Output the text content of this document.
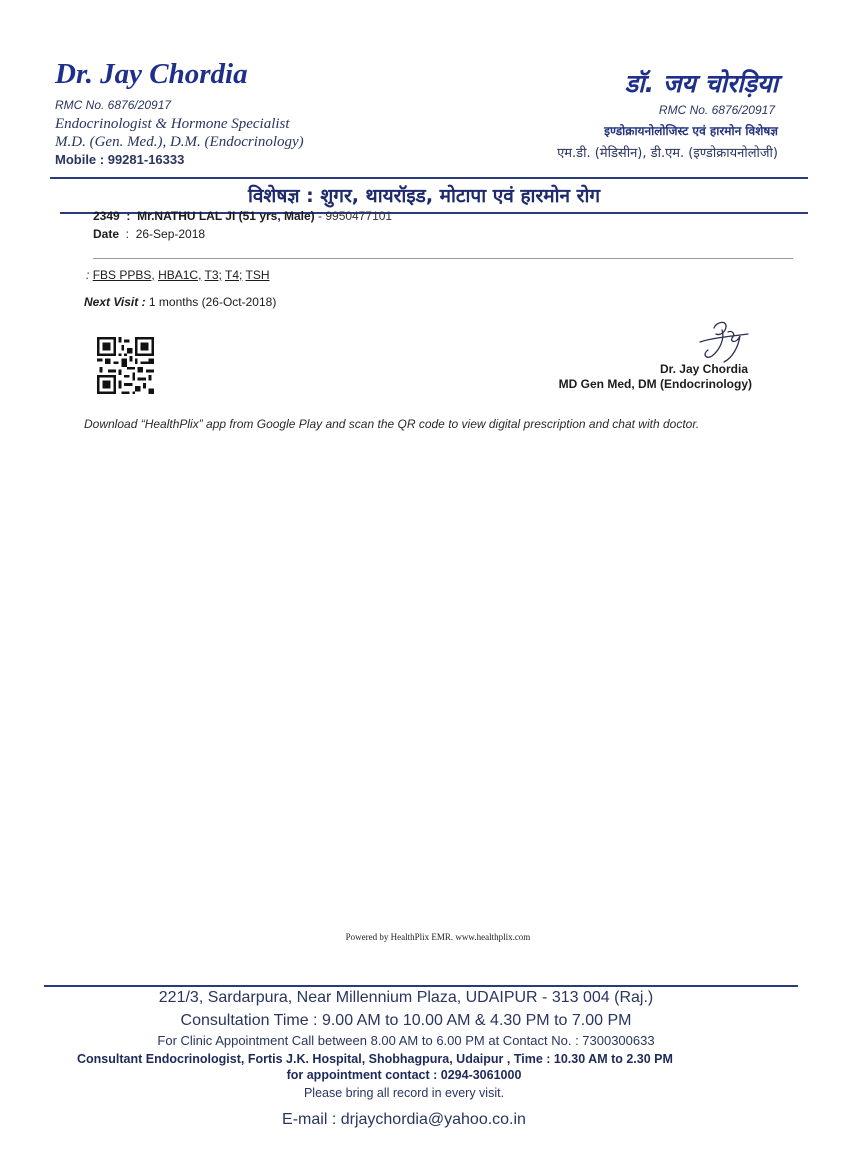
Dr. Jay Chordia
RMC No. 6876/20917
Endocrinologist & Hormone Specialist
M.D. (Gen. Med.), D.M. (Endocrinology)
Mobile : 99281-16333
डॉ. जय चोरड़िया
RMC No. 6876/20917
इण्डोक्रायनोलोजिस्ट एवं हारमोन विशेषज्ञ
एम.डी. (मेडिसीन), डी.एम. (इण्डोक्रायनोलोजी)
विशेषज्ञ : शुगर, थायरॉइड, मोटापा एवं हारमोन रोग
2349 : Mr.NATHU LAL JI (51 yrs, Male) - 9950477101
Date  :  26-Sep-2018
: FBS PPBS, HBA1C, T3; T4; TSH
Next Visit : 1 months (26-Oct-2018)
Dr. Jay Chordia
MD Gen Med, DM (Endocrinology)
Download “HealthPlix” app from Google Play and scan the QR code to view digital prescription and chat with doctor.
Powered by HealthPlix EMR. www.healthplix.com
221/3, Sardarpura, Near Millennium Plaza, UDAIPUR - 313 004 (Raj.)
Consultation Time : 9.00 AM to 10.00 AM & 4.30 PM to 7.00 PM
For Clinic Appointment Call between 8.00 AM to 6.00 PM at Contact No. : 7300300633
Consultant Endocrinologist, Fortis J.K. Hospital, Shobhagpura, Udaipur , Time : 10.30 AM to 2.30 PM
for appointment contact : 0294-3061000
Please bring all record in every visit.
E-mail : drjaychordia@yahoo.co.in
